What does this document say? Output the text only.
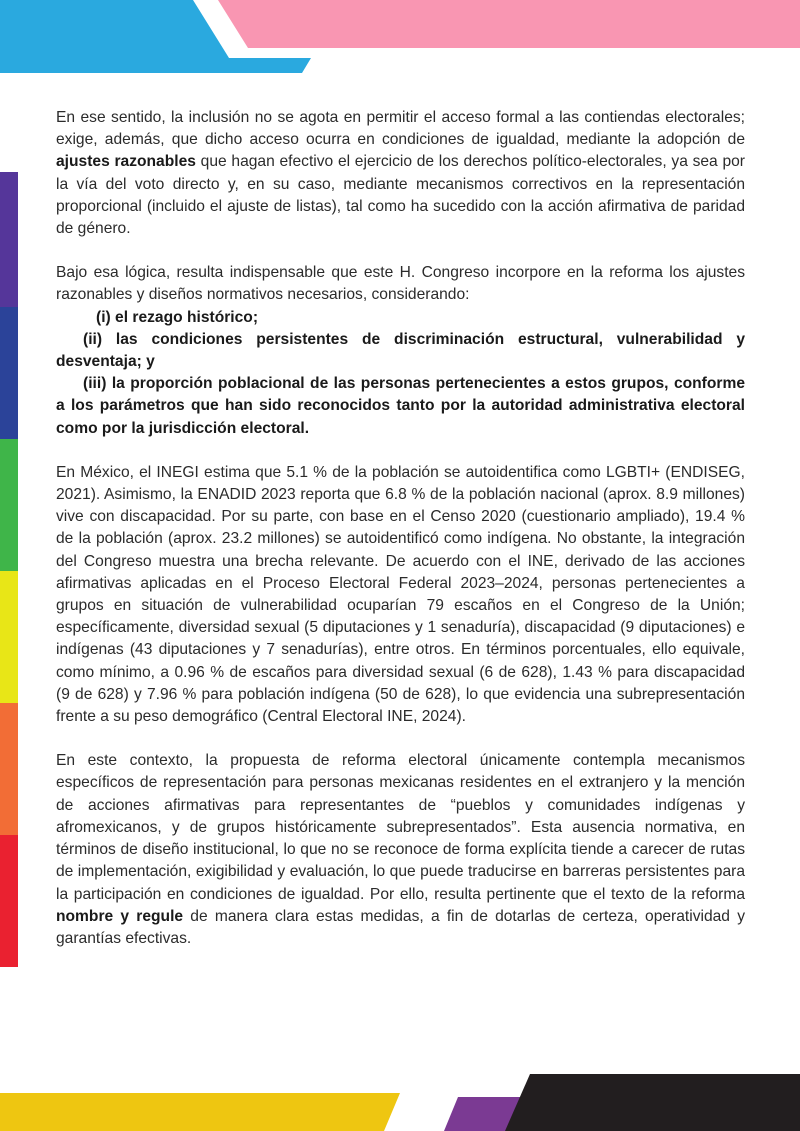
En ese sentido, la inclusión no se agota en permitir el acceso formal a las contiendas electorales; exige, además, que dicho acceso ocurra en condiciones de igualdad, mediante la adopción de ajustes razonables que hagan efectivo el ejercicio de los derechos político-electorales, ya sea por la vía del voto directo y, en su caso, mediante mecanismos correctivos en la representación proporcional (incluido el ajuste de listas), tal como ha sucedido con la acción afirmativa de paridad de género.

Bajo esa lógica, resulta indispensable que este H. Congreso incorpore en la reforma los ajustes razonables y diseños normativos necesarios, considerando:

(i) el rezago histórico;
(ii) las condiciones persistentes de discriminación estructural, vulnerabilidad y desventaja; y
(iii) la proporción poblacional de las personas pertenecientes a estos grupos, conforme a los parámetros que han sido reconocidos tanto por la autoridad administrativa electoral como por la jurisdicción electoral.

En México, el INEGI estima que 5.1 % de la población se autoidentifica como LGBTI+ (ENDISEG, 2021). Asimismo, la ENADID 2023 reporta que 6.8 % de la población nacional (aprox. 8.9 millones) vive con discapacidad. Por su parte, con base en el Censo 2020 (cuestionario ampliado), 19.4 % de la población (aprox. 23.2 millones) se autoidentificó como indígena. No obstante, la integración del Congreso muestra una brecha relevante. De acuerdo con el INE, derivado de las acciones afirmativas aplicadas en el Proceso Electoral Federal 2023–2024, personas pertenecientes a grupos en situación de vulnerabilidad ocuparían 79 escaños en el Congreso de la Unión; específicamente, diversidad sexual (5 diputaciones y 1 senaduría), discapacidad (9 diputaciones) e indígenas (43 diputaciones y 7 senadurías), entre otros. En términos porcentuales, ello equivale, como mínimo, a 0.96 % de escaños para diversidad sexual (6 de 628), 1.43 % para discapacidad (9 de 628) y 7.96 % para población indígena (50 de 628), lo que evidencia una subrepresentación frente a su peso demográfico (Central Electoral INE, 2024).

En este contexto, la propuesta de reforma electoral únicamente contempla mecanismos específicos de representación para personas mexicanas residentes en el extranjero y la mención de acciones afirmativas para representantes de “pueblos y comunidades indígenas y afromexicanos, y de grupos históricamente subrepresentados”. Esta ausencia normativa, en términos de diseño institucional, lo que no se reconoce de forma explícita tiende a carecer de rutas de implementación, exigibilidad y evaluación, lo que puede traducirse en barreras persistentes para la participación en condiciones de igualdad. Por ello, resulta pertinente que el texto de la reforma nombre y regule de manera clara estas medidas, a fin de dotarlas de certeza, operatividad y garantías efectivas.
